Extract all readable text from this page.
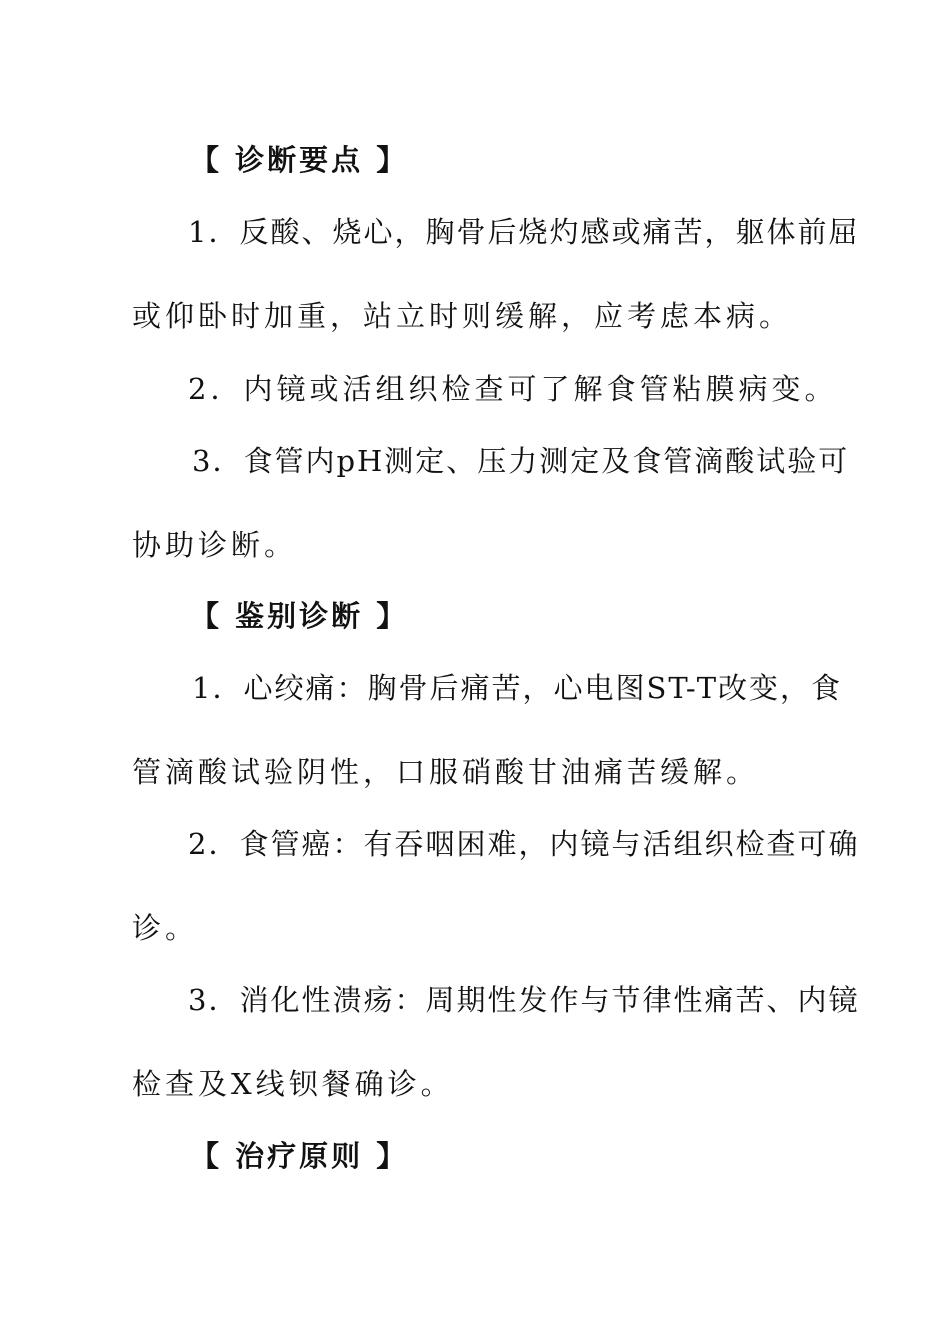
【 诊断要点 】
1．反酸、烧心，胸骨后烧灼感或痛苦，躯体前屈
或仰卧时加重，站立时则缓解，应考虑本病。
2．内镜或活组织检查可了解食管粘膜病变。
3．食管内pH测定、压力测定及食管滴酸试验可
协助诊断。
【 鉴别诊断 】
1．心绞痛：胸骨后痛苦，心电图ST-T改变，食
管滴酸试验阴性，口服硝酸甘油痛苦缓解。
2．食管癌：有吞咽困难，内镜与活组织检查可确
诊。
3．消化性溃疡：周期性发作与节律性痛苦、内镜
检查及X线钡餐确诊。
【 治疗原则 】
